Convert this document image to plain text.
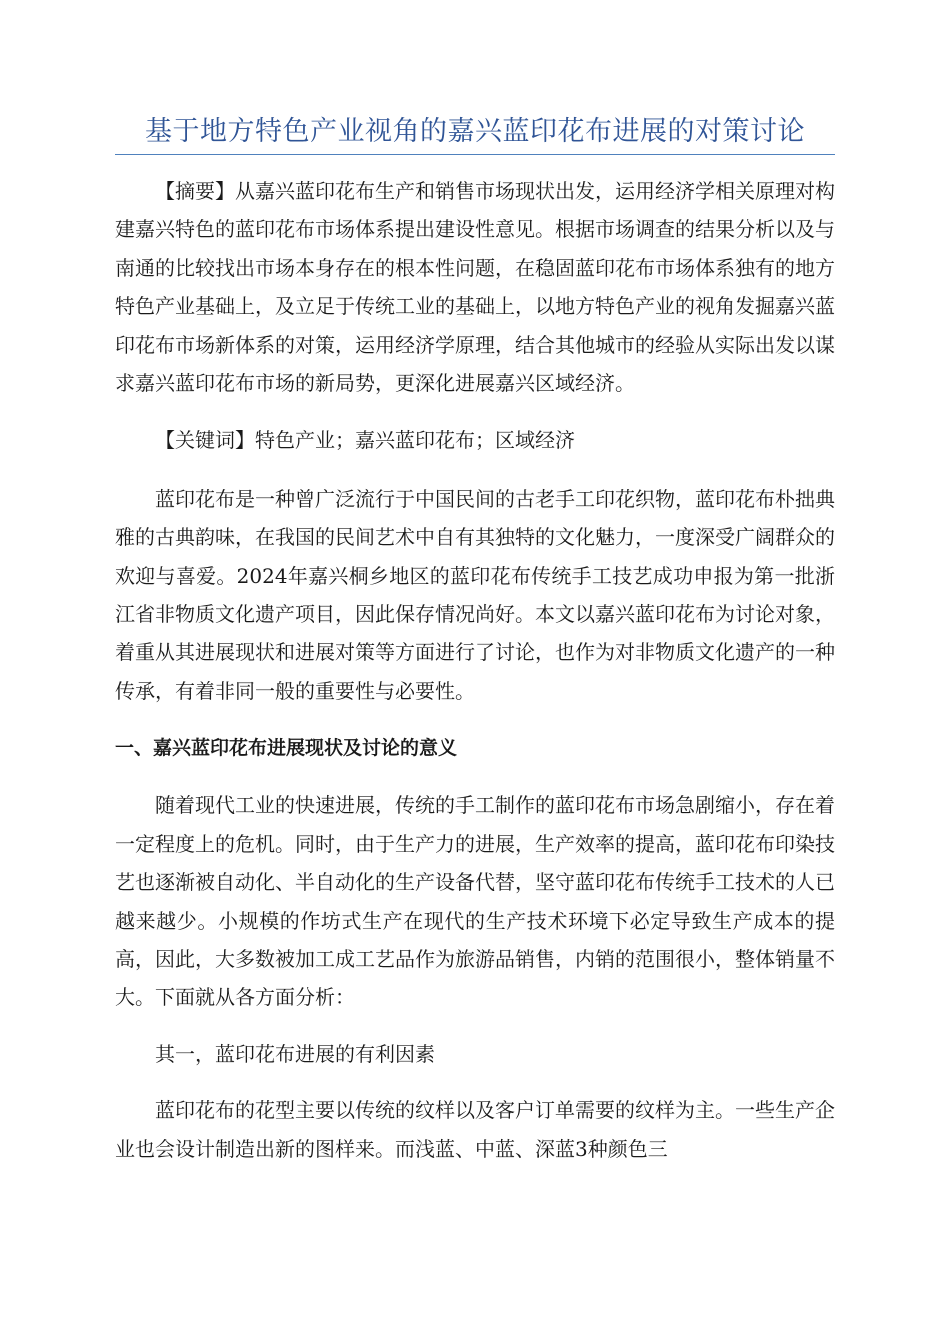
基于地方特色产业视角的嘉兴蓝印花布进展的对策讨论

【摘要】从嘉兴蓝印花布生产和销售市场现状出发，运用经济学相关原理对构建嘉兴特色的蓝印花布市场体系提出建设性意见。根据市场调查的结果分析以及与南通的比较找出市场本身存在的根本性问题，在稳固蓝印花布市场体系独有的地方特色产业基础上，及立足于传统工业的基础上，以地方特色产业的视角发掘嘉兴蓝印花布市场新体系的对策，运用经济学原理，结合其他城市的经验从实际出发以谋求嘉兴蓝印花布市场的新局势，更深化进展嘉兴区域经济。

【关键词】特色产业；嘉兴蓝印花布；区域经济

蓝印花布是一种曾广泛流行于中国民间的古老手工印花织物，蓝印花布朴拙典雅的古典韵味，在我国的民间艺术中自有其独特的文化魅力，一度深受广阔群众的欢迎与喜爱。2024年嘉兴桐乡地区的蓝印花布传统手工技艺成功申报为第一批浙江省非物质文化遗产项目，因此保存情况尚好。本文以嘉兴蓝印花布为讨论对象，着重从其进展现状和进展对策等方面进行了讨论，也作为对非物质文化遗产的一种传承，有着非同一般的重要性与必要性。

一、嘉兴蓝印花布进展现状及讨论的意义

随着现代工业的快速进展，传统的手工制作的蓝印花布市场急剧缩小，存在着一定程度上的危机。同时，由于生产力的进展，生产效率的提高，蓝印花布印染技艺也逐渐被自动化、半自动化的生产设备代替，坚守蓝印花布传统手工技术的人已越来越少。小规模的作坊式生产在现代的生产技术环境下必定导致生产成本的提高，因此，大多数被加工成工艺品作为旅游品销售，内销的范围很小，整体销量不大。下面就从各方面分析：

其一，蓝印花布进展的有利因素

蓝印花布的花型主要以传统的纹样以及客户订单需要的纹样为主。一些生产企业也会设计制造出新的图样来。而浅蓝、中蓝、深蓝3种颜色三
